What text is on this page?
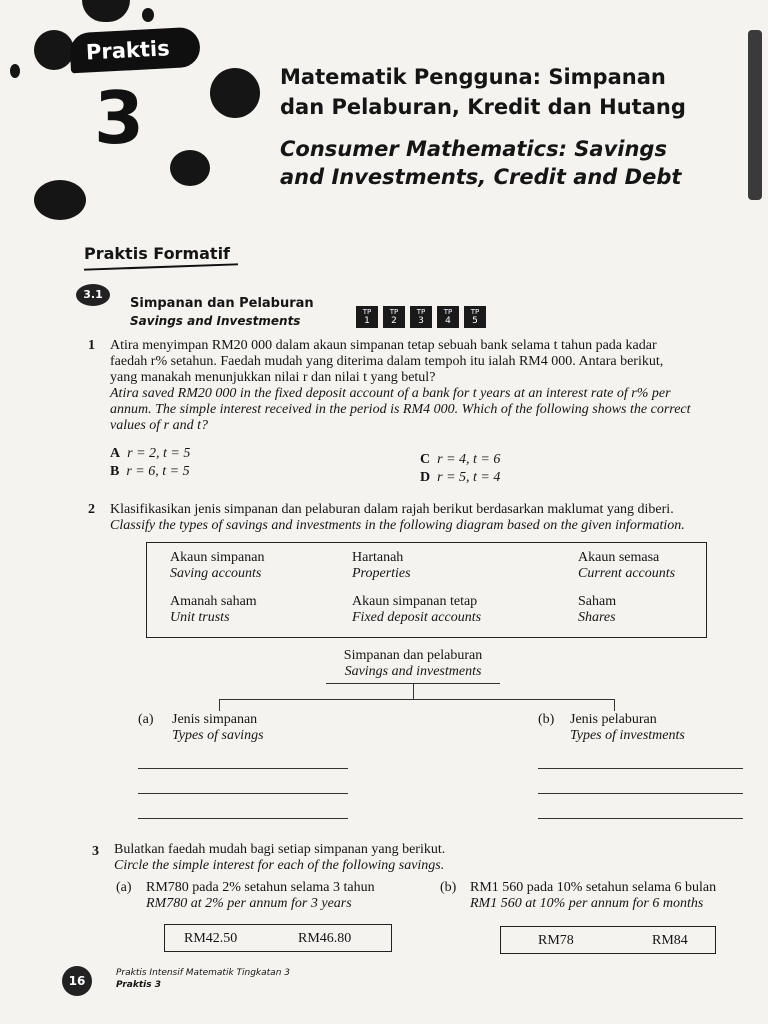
Praktis
3	Matematik Pengguna: Simpanan
dan Pelaburan, Kredit dan Hutang
Consumer Mathematics: Savings
and Investments, Credit and Debt
Praktis Formatif
3.1
Simpanan dan Pelaburan
Savings and Investments
TP
1
TP
2
TP
3
TP
4
TP
5
1 Atira menyimpan RM20 000 dalam akaun simpanan tetap sebuah bank selama t tahun pada kadar
faedah r% setahun. Faedah mudah yang diterima dalam tempoh itu ialah RM4 000. Antara berikut,
yang manakah menunjukkan nilai r dan nilai t yang betul?
Atira saved RM20 000 in the fixed deposit account of a bank for t years at an interest rate of r% per
annum. The simple interest received in the period is RM4 000. Which of the following shows the correct
values of r and t?
A r = 2, t = 5
B r = 6, t = 5
C r = 4, t = 6
D r = 5, t = 4
2 Klasifikasikan jenis simpanan dan pelaburan dalam rajah berikut berdasarkan maklumat yang diberi.
Classify the types of savings and investments in the following diagram based on the given information.
Akaun simpanan
Saving accounts
Hartanah
Properties
Akaun semasa
Current accounts
Amanah saham
Unit trusts
Akaun simpanan tetap
Fixed deposit accounts
Saham
Shares
Simpanan dan pelaburan
Savings and investments
(a) Jenis simpanan
Types of savings
(b) Jenis pelaburan
Types of investments
3 Bulatkan faedah mudah bagi setiap simpanan yang berikut.
Circle the simple interest for each of the following savings.
(a) RM780 pada 2% setahun selama 3 tahun
RM780 at 2% per annum for 3 years
(b) RM1 560 pada 10% setahun selama 6 bulan
RM1 560 at 10% per annum for 6 months
RM42.50	RM46.80	RM78	RM84
16
Praktis Intensif Matematik Tingkatan 3
Praktis 3
